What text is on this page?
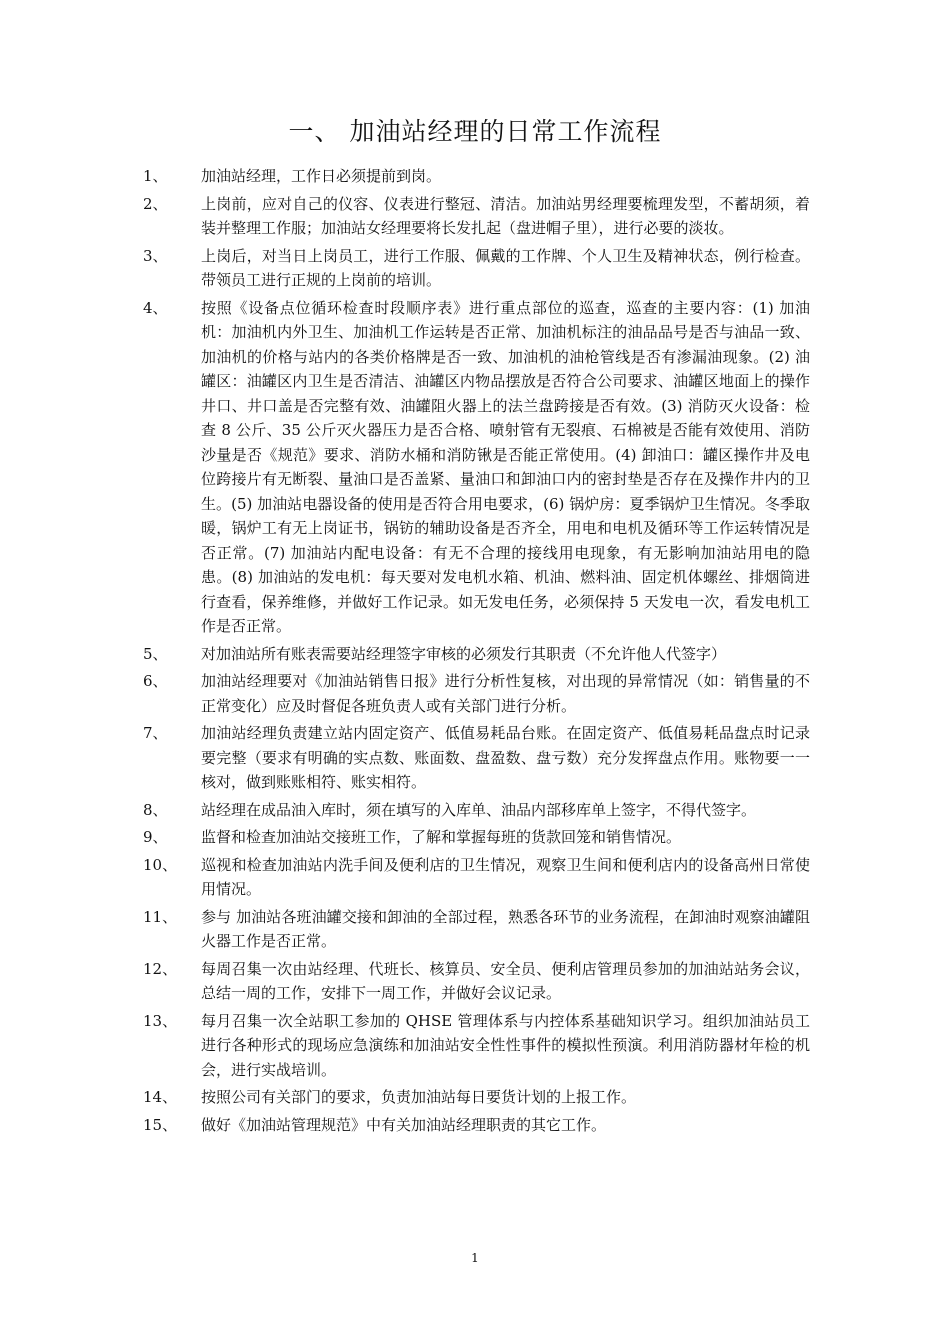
一、 加油站经理的日常工作流程
1、 加油站经理，工作日必须提前到岗。
2、 上岗前，应对自己的仪容、仪表进行整冠、清洁。加油站男经理要梳理发型，不蓄胡须，着装并整理工作服；加油站女经理要将长发扎起（盘进帽子里），进行必要的淡妆。
3、 上岗后，对当日上岗员工，进行工作服、佩戴的工作牌、个人卫生及精神状态，例行检查。带领员工进行正规的上岗前的培训。
4、 按照《设备点位循环检查时段顺序表》进行重点部位的巡查，巡查的主要内容：(1) 加油机：加油机内外卫生、加油机工作运转是否正常、加油机标注的油品品号是否与油品一致、加油机的价格与站内的各类价格牌是否一致、加油机的油枪管线是否有渗漏油现象。(2) 油罐区：油罐区内卫生是否清洁、油罐区内物品摆放是否符合公司要求、油罐区地面上的操作井口、井口盖是否完整有效、油罐阻火器上的法兰盘跨接是否有效。(3) 消防灭火设备：检查 8 公斤、35 公斤灭火器压力是否合格、喷射管有无裂痕、石棉被是否能有效使用、消防沙量是否《规范》要求、消防水桶和消防锹是否能正常使用。(4) 卸油口：罐区操作井及电位跨接片有无断裂、量油口是否盖紧、量油口和卸油口内的密封垫是否存在及操作井内的卫生。(5) 加油站电器设备的使用是否符合用电要求，(6) 锅炉房：夏季锅炉卫生情况。冬季取暖，锅炉工有无上岗证书，锅钫的辅助设备是否齐全，用电和电机及循环等工作运转情况是否正常。(7) 加油站内配电设备：有无不合理的接线用电现象，有无影响加油站用电的隐患。(8) 加油站的发电机：每天要对发电机水箱、机油、燃料油、固定机体螺丝、排烟筒进行查看，保养维修，并做好工作记录。如无发电任务，必须保持 5 天发电一次，看发电机工作是否正常。
5、 对加油站所有账表需要站经理签字审核的必须发行其职责（不允许他人代签字）
6、 加油站经理要对《加油站销售日报》进行分析性复核，对出现的异常情况（如：销售量的不正常变化）应及时督促各班负责人或有关部门进行分析。
7、 加油站经理负责建立站内固定资产、低值易耗品台账。在固定资产、低值易耗品盘点时记录要完整（要求有明确的实点数、账面数、盘盈数、盘亏数）充分发挥盘点作用。账物要一一核对，做到账账相符、账实相符。
8、 站经理在成品油入库时，须在填写的入库单、油品内部移库单上签字，不得代签字。
9、 监督和检查加油站交接班工作，了解和掌握每班的货款回笼和销售情况。
10、 巡视和检查加油站内洗手间及便利店的卫生情况，观察卫生间和便利店内的设备高州日常使用情况。
11、 参与 加油站各班油罐交接和卸油的全部过程，熟悉各环节的业务流程，在卸油时观察油罐阻火器工作是否正常。
12、 每周召集一次由站经理、代班长、核算员、安全员、便利店管理员参加的加油站站务会议，总结一周的工作，安排下一周工作，并做好会议记录。
13、 每月召集一次全站职工参加的 QHSE 管理体系与内控体系基础知识学习。组织加油站员工进行各种形式的现场应急演练和加油站安全性性事件的模拟性预演。利用消防器材年检的机会，进行实战培训。
14、 按照公司有关部门的要求，负责加油站每日要货计划的上报工作。
15、 做好《加油站管理规范》中有关加油站经理职责的其它工作。
1
